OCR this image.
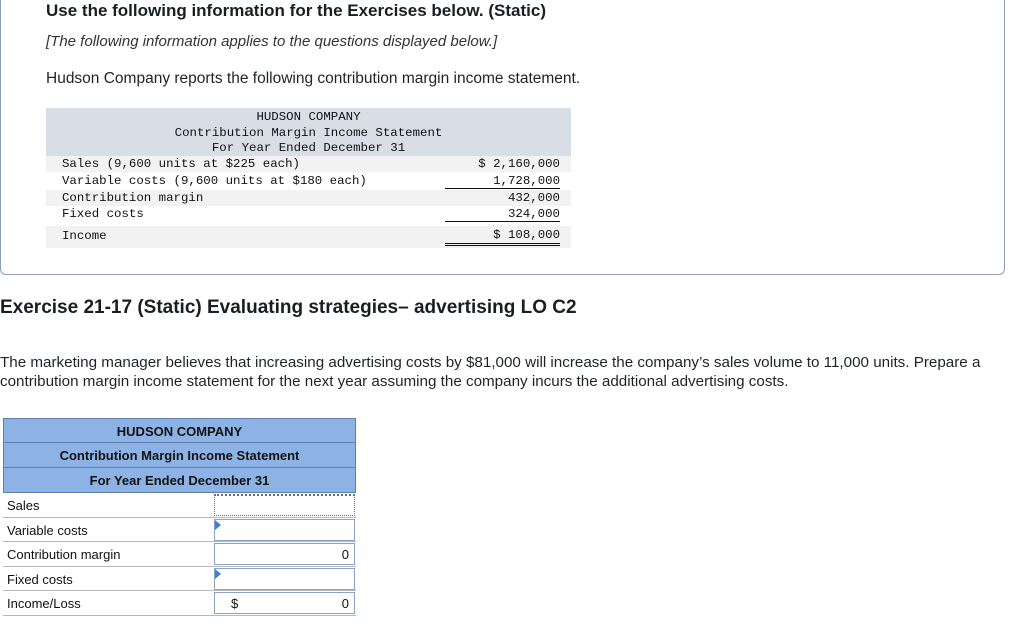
Use the following information for the Exercises below. (Static)
[The following information applies to the questions displayed below.]
Hudson Company reports the following contribution margin income statement.
HUDSON COMPANY
Contribution Margin Income Statement
For Year Ended December 31
Sales (9,600 units at $225 each)	$ 2,160,000
Variable costs (9,600 units at $180 each)	1,728,000
Contribution margin	432,000
Fixed costs	324,000
Income	$ 108,000
Exercise 21-17 (Static) Evaluating strategies– advertising LO C2
The marketing manager believes that increasing advertising costs by $81,000 will increase the company’s sales volume to 11,000 units. Prepare a contribution margin income statement for the next year assuming the company incurs the additional advertising costs.
HUDSON COMPANY
Contribution Margin Income Statement
For Year Ended December 31
Sales
Variable costs
Contribution margin	0
Fixed costs
Income/Loss	$	0
